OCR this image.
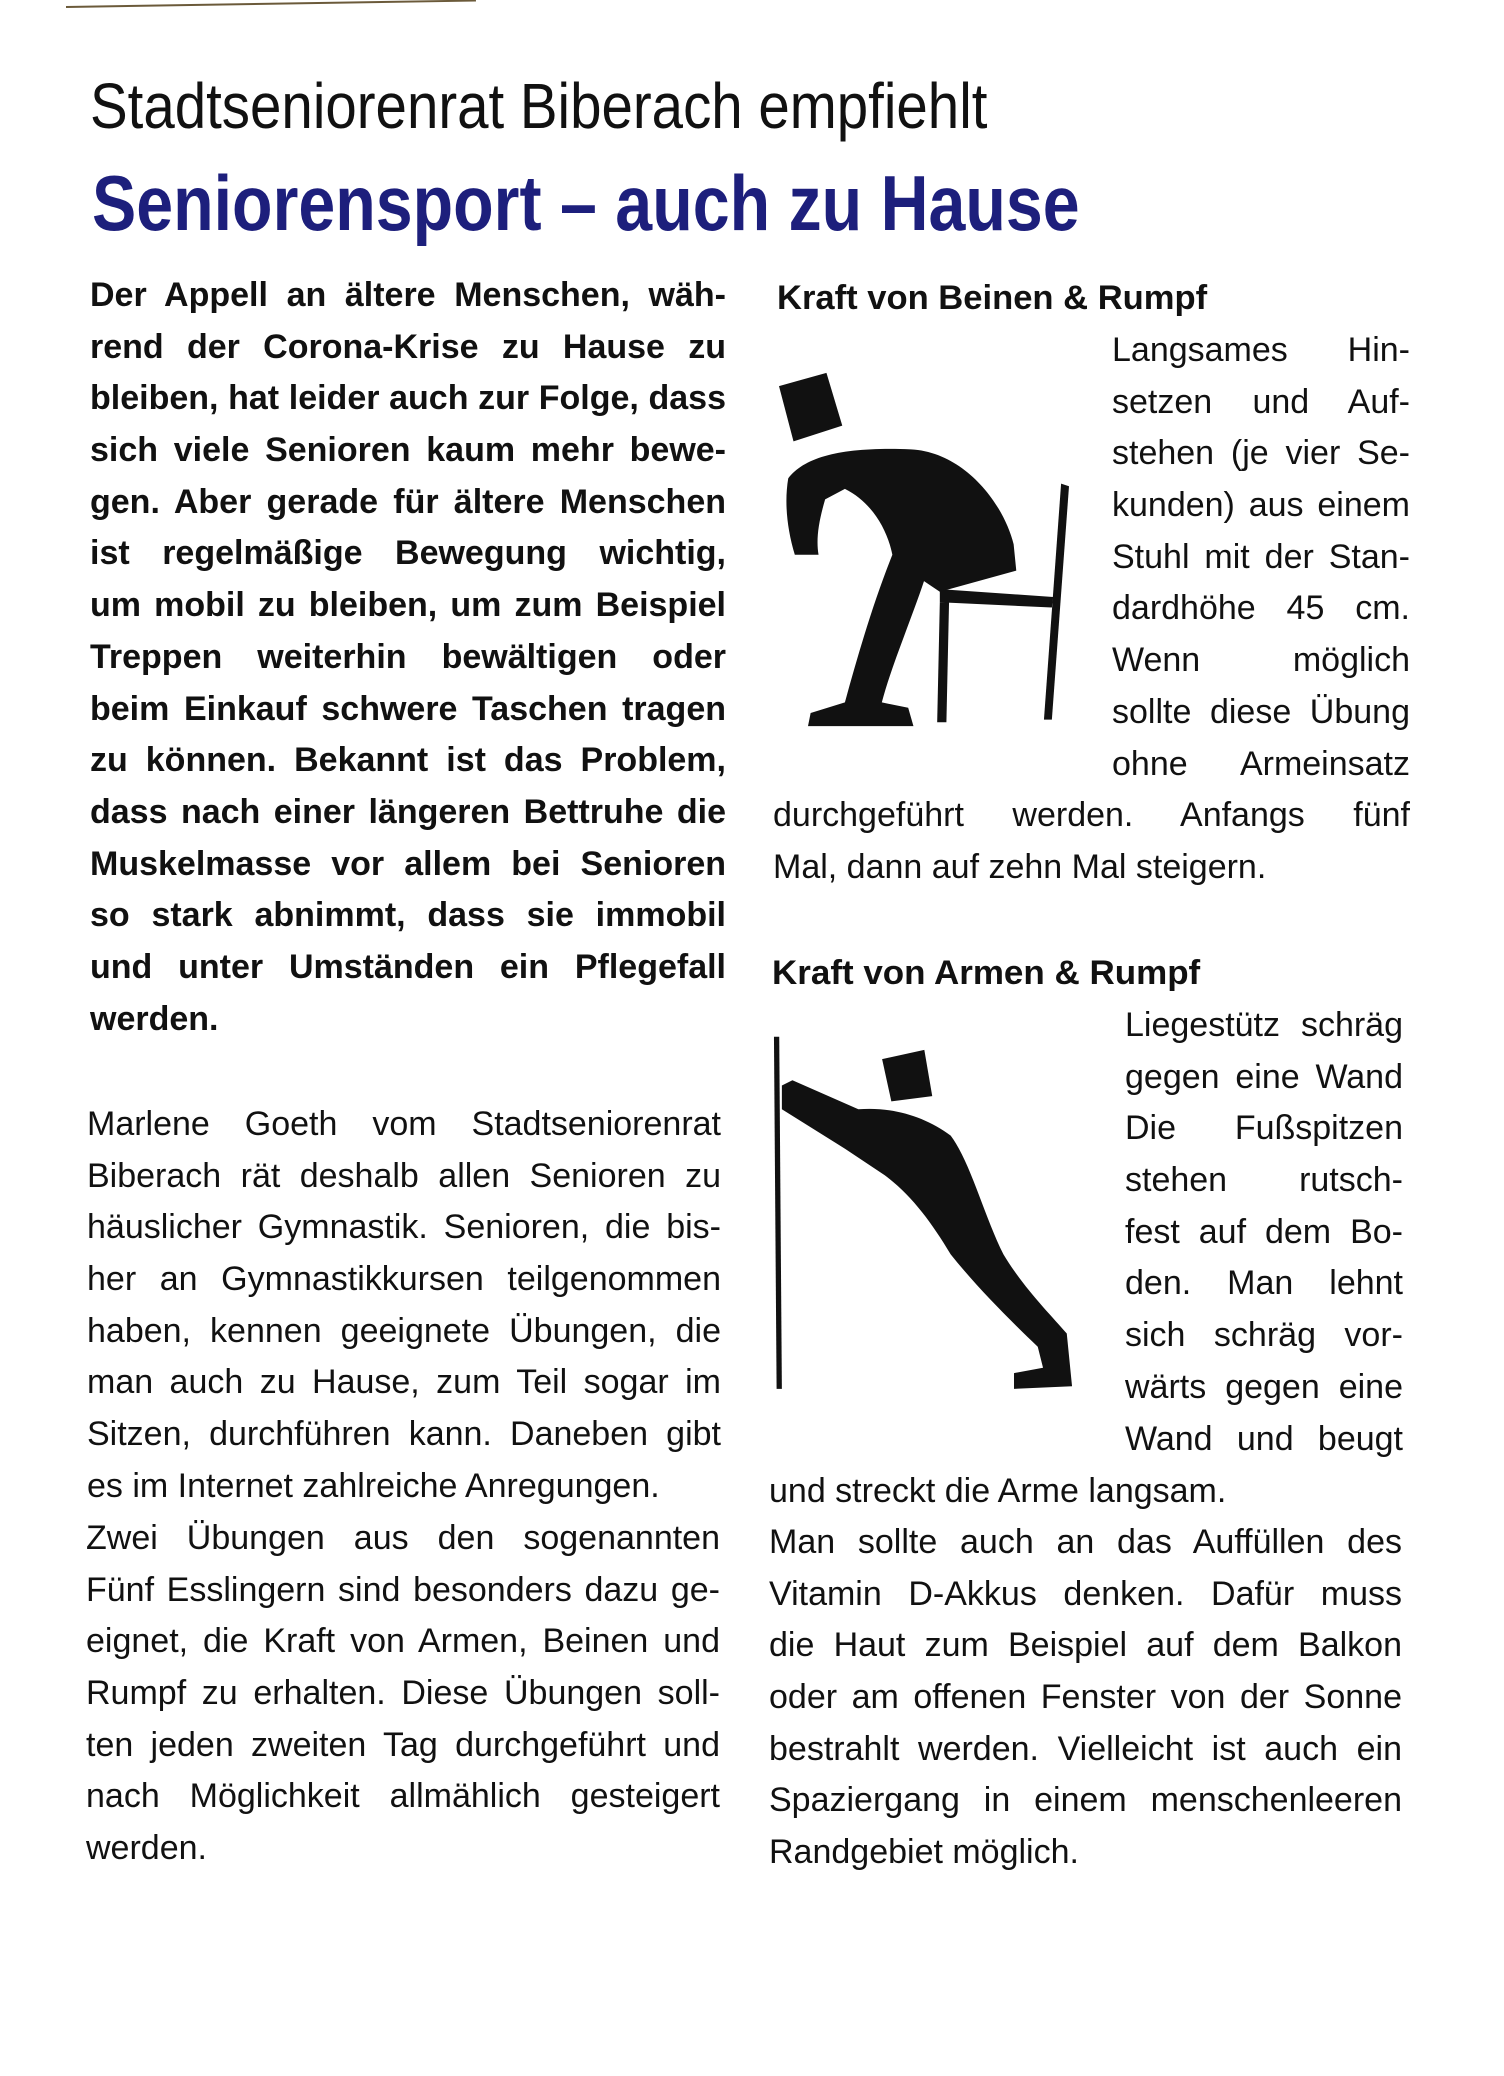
Stadtseniorenrat Biberach empfiehlt
Seniorensport – auch zu Hause
Der Appell an ältere Menschen, wäh-
rend der Corona-Krise zu Hause zu
bleiben, hat leider auch zur Folge, dass
sich viele Senioren kaum mehr bewe-
gen. Aber gerade für ältere Menschen
ist regelmäßige Bewegung wichtig,
um mobil zu bleiben, um zum Beispiel
Treppen weiterhin bewältigen oder
beim Einkauf schwere Taschen tragen
zu können. Bekannt ist das Problem,
dass nach einer längeren Bettruhe die
Muskelmasse vor allem bei Senioren
so stark abnimmt, dass sie immobil
und unter Umständen ein Pflegefall
werden.
Marlene Goeth vom Stadtseniorenrat
Biberach rät deshalb allen Senioren zu
häuslicher Gymnastik. Senioren, die bis-
her an Gymnastikkursen teilgenommen
haben, kennen geeignete Übungen, die
man auch zu Hause, zum Teil sogar im
Sitzen, durchführen kann. Daneben gibt
es im Internet zahlreiche Anregungen.
Zwei Übungen aus den sogenannten
Fünf Esslingern sind besonders dazu ge-
eignet, die Kraft von Armen, Beinen und
Rumpf zu erhalten. Diese Übungen soll-
ten jeden zweiten Tag durchgeführt und
nach Möglichkeit allmählich gesteigert
werden.
Kraft von Beinen & Rumpf
Langsames Hin-
setzen und Auf-
stehen (je vier Se-
kunden) aus einem
Stuhl mit der Stan-
dardhöhe 45 cm.
Wenn möglich
sollte diese Übung
ohne Armeinsatz
durchgeführt werden. Anfangs fünf
Mal, dann auf zehn Mal steigern.
Kraft von Armen & Rumpf
Liegestütz schräg
gegen eine Wand
Die Fußspitzen
stehen rutsch-
fest auf dem Bo-
den. Man lehnt
sich schräg vor-
wärts gegen eine
Wand und beugt
und streckt die Arme langsam.
Man sollte auch an das Auffüllen des
Vitamin D-Akkus denken. Dafür muss
die Haut zum Beispiel auf dem Balkon
oder am offenen Fenster von der Sonne
bestrahlt werden. Vielleicht ist auch ein
Spaziergang in einem menschenleeren
Randgebiet möglich.
